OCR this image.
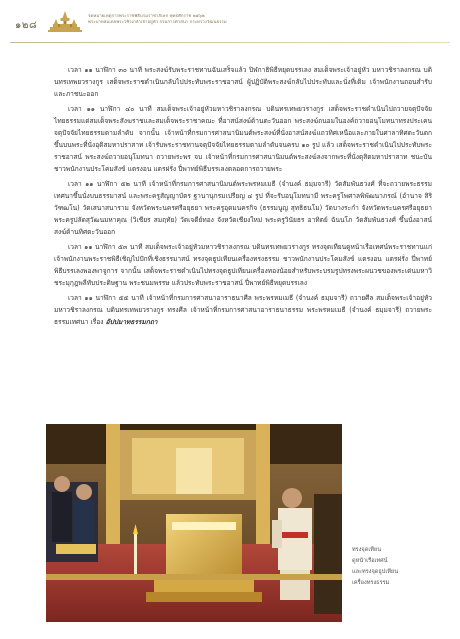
๑๒๘
จดหมายเหตุการพระราชพิธีบรมราชาภิเษก พุทธศักราช ๒๕๖๒
พระบาทสมเด็จพระวชิรเกล้าเจ้าอยู่หัว กรมการศาสนา กระทรวงวัฒนธรรม

เวลา ๑๑ นาฬิกา ๓๐ นาที พระสงฆ์รับพระราชทานฉันเสร็จแล้ว ปิฬกาธิพิธีหยุดบรรเลง สมเด็จพระเจ้าอยู่หัว มหาวชิราลงกรณ บดินทรเทพยวรางกูร เสด็จพระราชดำเนินกลับไปประทับพระราชอาสน์ ผู้ปฏิบัติพระสงฆ์กลับไปประทับและนั่งที่เดิม เจ้าพนักงานถอนสำรับและภาชนะออก

เวลา ๑๑ นาฬิกา ๔๐ นาที สมเด็จพระเจ้าอยู่หัวมหาวชิราลงกรณ บดินทรเทพยวรางกูร เสด็จพระราชดำเนินไปถวายจตุปัจจัยไทยธรรมแด่สมเด็จพระสังฆราชและสมเด็จพระราชาคณะ ที่อาสน์สงฆ์ด้านตะวันออก พระสงฆ์ถนอมในองค์ถวายอนุโมทนาทรงประเคนจตุปัจจัยไทยธรรมตามลำดับ จากนั้น เจ้าหน้าที่กรมการศาสนานิมนต์พระสงฆ์ที่นั่งอาสน์สงฆ์แถวทิศเหนือและภายในศาลาทิศตะวันตก ขึ้นบนพระที่นั่งอุติสมหาปราสาท เจ้ารับพระราชทานจตุปัจจัยไทยธรรมตามลำดับจนครบ ๑๐ รูป แล้ว เสด็จพระราชดำเนินไปประทับพระราชอาสน์ พระสงฆ์ถวายอนุโมทนา ถวายพระพร จบ เจ้าหน้าที่กรมการศาสนานิมนต์พระสงฆ์ลงจากพระที่นั่งดุสิตมหาปราสาท ชนะบัน ชาวพนักงานประโคมสังข์ แตรงอน แตรฝรั่ง ปี่พาทย์พิธีบรรเลงตลอดการถวายพระ

เวลา ๑๑ นาฬิกา ๕๒ นาที เจ้าหน้าที่กรมการศาสนานิมนต์พระพรหมเมธี (จำนงค์ ธมฺมจารี) วัดสัมพันธวงศ์ ที่จะถวายพระธรรมเทศนาขึ้นนั่งบนธรรมาสน์ และพระครูสัญญาบัตร ฐานานุกรมเปรียญ ๔ รูป ที่จะรับอนุโมทนามี พระครูโพศาลพิพัฒนาภรณ์ (อำนาจ สิริวัฑฒโน) วัดเสนาสนาราม จังหวัดพระนครศรีอยุธยา พระครูอุดมนครกิจ (ธรรมนูญ สุทธิธนโม) วัดบางระกำ จังหวัดพระนครศรีอยุธยา พระครูปลัดสุวัฒนมหาคุณ (วิเชียร สมฤทัย) วัดเจดีย์ทอง จังหวัดเชียงใหม่ พระครูวินัยธร อาทิตย์ ฉันนโภ วัดสัมพันธวงศ์ ขึ้นนั่งอาสน์สงฆ์ด้านทิศตะวันออก

เวลา ๑๑ นาฬิกา ๕๓ นาที สมเด็จพระเจ้าอยู่หัวมหาวชิราลงกรณ บดินทรเทพยวรางกูร ทรงจุดเทียนดูหน้าเรือเทศน์พระราชทานแก่เจ้าพนักงานพระราชพิธีเชิญไปปักที่เชิงธรรมาสน์ ทรงจุดธูปเทียนเครื่องทรงธรรม ชาวพนักงานประโคมสังข์ แตรงอน แตรฝรั่ง ปี่พาทย์พิธีบรรเลงพองพาจูการ จากนั้น เสด็จพระราชดำเนินไปทรงจุดธูปเทียนเครื่องทองน้อยสำหรับพระบรมรูปทรงพระผนวชของพระเด่นมหาวิชระมุกุฎพลีทับประดิษฐาน พระชนมพรรษ แล้วประทับพระราชอาสน์ ปี่พาทย์พิธีหยุดบรรเลง

เวลา ๑๑ นาฬิกา ๕๕ นาที เจ้าหน้าที่กรมการศาสนาอาราธนาศีล พระพรหมเมธี (จำนงค์ ธมฺมจารี) ถวายศีล สมเด็จพระเจ้าอยู่หัวมหาวชิราลงกรณ บดินทรเทพยวรางกูร ทรงศีล เจ้าหน้าที่กรมการศาสนาอาราธนาธรรม พระพรหมเมธี (จำนงค์ ธมฺมจารี) ถวายพระธรรมเทศนา เรื่อง อัปปมาทธรรมกถา

ทรงจุดเทียน
ดูหน้าเรือเทศน์
และทรงจุดธูปเทียน
เครื่องทรงธรรม
